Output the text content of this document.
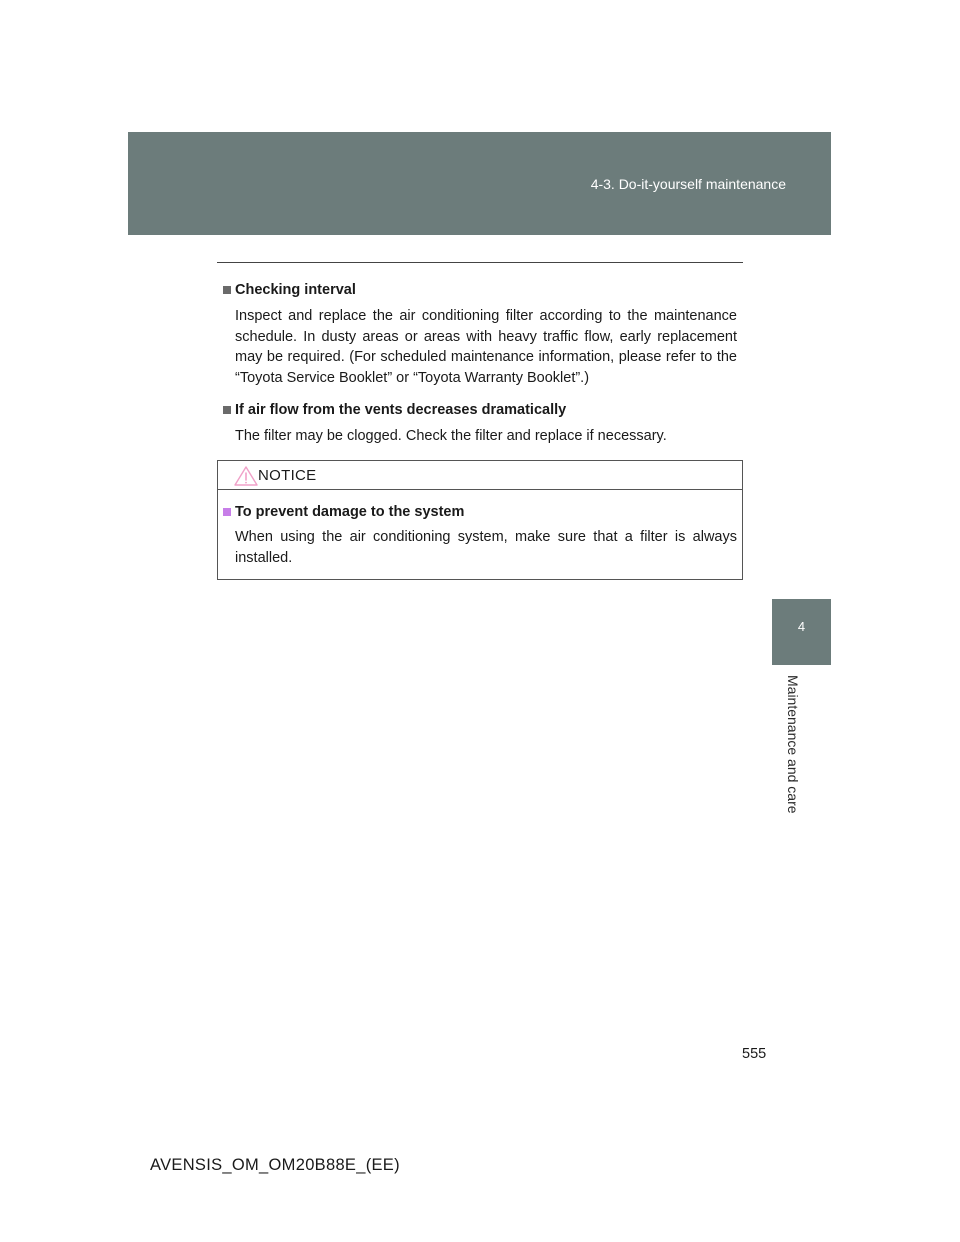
4-3. Do-it-yourself maintenance
4
Maintenance and care
Checking interval
Inspect and replace the air conditioning filter according to the maintenance schedule. In dusty areas or areas with heavy traffic flow, early replacement may be required. (For scheduled maintenance information, please refer to the “Toyota Service Booklet” or “Toyota Warranty Booklet”.)
If air flow from the vents decreases dramatically
The filter may be clogged. Check the filter and replace if necessary.
NOTICE
To prevent damage to the system
When using the air conditioning system, make sure that a filter is always installed.
555
AVENSIS_OM_OM20B88E_(EE)
